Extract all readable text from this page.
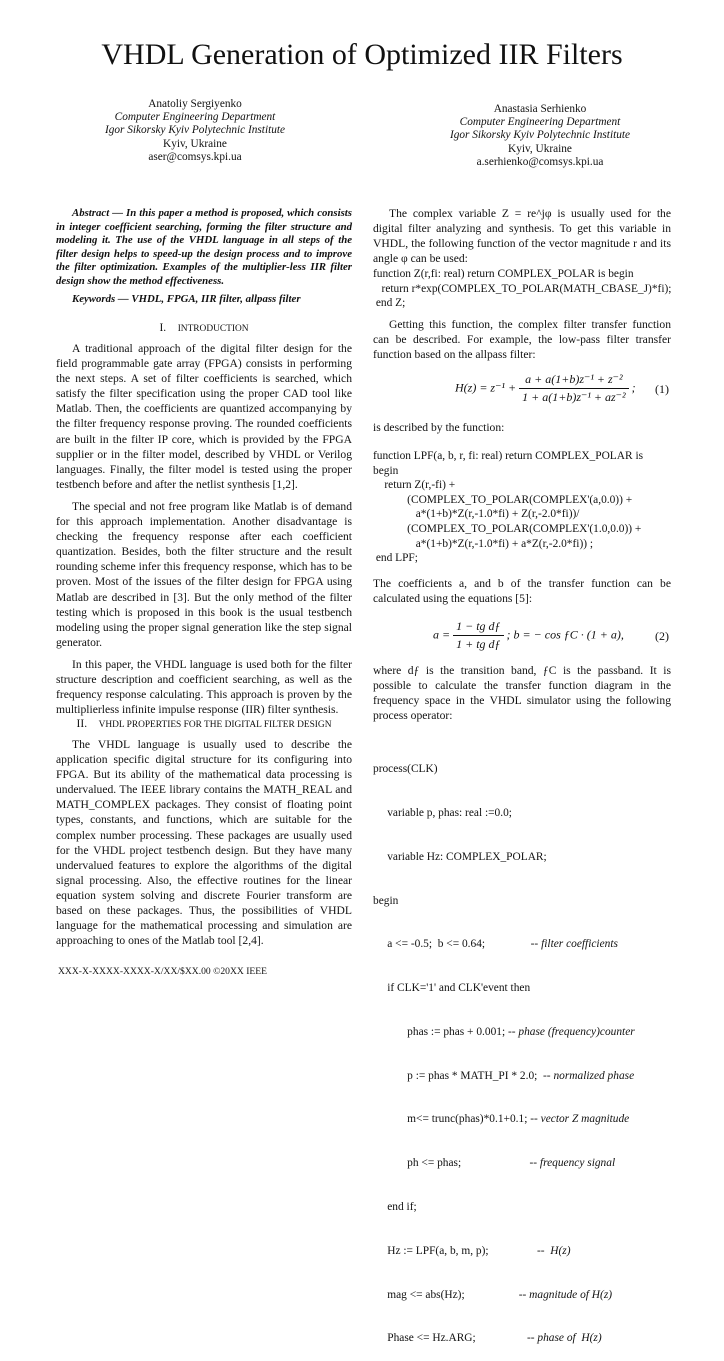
VHDL Generation of Optimized IIR Filters
Anatoliy Sergiyenko
Computer Engineering Department
Igor Sikorsky Kyiv Polytechnic Institute
Kyiv, Ukraine
aser@comsys.kpi.ua
Anastasia Serhienko
Computer Engineering Department
Igor Sikorsky Kyiv Polytechnic Institute
Kyiv, Ukraine
a.serhienko@comsys.kpi.ua
Abstract — In this paper a method is proposed, which consists in integer coefficient searching, forming the filter structure and modeling it. The use of the VHDL language in all steps of the filter design helps to speed-up the design process and to improve the filter optimization. Examples of the multiplier-less IIR filter design show the method effectiveness.
Keywords — VHDL, FPGA, IIR filter, allpass filter
I. INTRODUCTION

A traditional approach of the digital filter design for the field programmable gate array (FPGA) consists in performing the next steps. A set of filter coefficients is searched, which satisfy the filter specification using the proper CAD tool like Matlab. Then, the coefficients are quantized accompanying by the filter frequency response proving. The rounded coefficients are built in the filter IP core, which is provided by the FPGA supplier or in the filter model, described by VHDL or Verilog languages. Finally, the filter model is tested using the proper testbench before and after the netlist synthesis [1,2].

The special and not free program like Matlab is of demand for this approach implementation. Another disadvantage is checking the frequency response after each coefficient quantization. Besides, both the filter structure and the result rounding scheme infer this frequency response, which has to be proven. Most of the issues of the filter design for FPGA using Matlab are described in [3]. But the only method of the filter testing which is proposed in this book is the usual testbench modeling using the proper signal generation like the step signal generator.

In this paper, the VHDL language is used both for the filter structure description and coefficient searching, as well as the frequency response calculating. This approach is proven by the multiplierless infinite impulse response (IIR) filter synthesis.

II. VHDL PROPERTIES FOR THE DIGITAL FILTER DESIGN

The VHDL language is usually used to describe the application specific digital structure for its configuring into FPGA. But its ability of the mathematical data processing is undervalued. The IEEE library contains the MATH_REAL and MATH_COMPLEX packages. They consist of floating point types, constants, and functions, which are suitable for the complex number processing. These packages are usually used for the VHDL project testbench design. But they have many undervalued features to explore the algorithms of the digital signal processing. Also, the effective routines for the linear equation system solving and discrete Fourier transform are based on these packages. Thus, the possibilities of VHDL language for the mathematical processing and simulation are approaching to ones of the Matlab tool [2,4].

The complex variable Z = re^jφ is usually used for the digital filter analyzing and synthesis. To get this variable in VHDL, the following function of the vector magnitude r and its angle φ can be used:

function Z(r,fi: real) return COMPLEX_POLAR is begin
return r*exp(COMPLEX_TO_POLAR(MATH_CBASE_J)*fi);
end Z;

Getting this function, the complex filter transfer function can be described. For example, the low-pass filter transfer function based on the allpass filter:

$H(z) = z^{-1} + \frac{\text{a + a(1+b)z⁻¹ + z⁻²}}{\text{1 + a(1+b)z⁻¹ + az⁻²}}$ ; (1)
is described by the function:
function LPF(a, b, r, fi: real) return COMPLEX_POLAR is
begin
return Z(r,-fi) +
(COMPLEX_TO_POLAR(COMPLEX'(a,0.0)) +
a*(1+b)*Z(r,-1.0*fi) + Z(r,-2.0*fi))/
(COMPLEX_TO_POLAR(COMPLEX'(1.0,0.0)) +
a*(1+b)*Z(r,-1.0*fi) + a*Z(r,-2.0*fi)) ;
end LPF;
The coefficients a, and b of the transfer function can be calculated using the equations [5]:
$a = \frac{\text{1 − tg dƒ}}{\text{1 + tg dƒ}}$ ; b = − cos ƒC · (1 + a),	(2)
where dƒ is the transition band, ƒC is the passband. It is possible to calculate the transfer function diagram in the frequency space in the VHDL simulator using the following process operator:

process(CLK)

variable p, phas: real :=0.0;

variable Hz: COMPLEX_POLAR;

begin

a <= -0.5;  b <= 0.64;                -- filter coefficients

if CLK='1' and CLK'event then

phas := phas + 0.001; -- phase (frequency)counter

p := phas * MATH_PI * 2.0;  -- normalized phase

m<= trunc(phas)*0.1+0.1; -- vector Z magnitude

ph <= phas;                        -- frequency signal

end if;

Hz := LPF(a, b, m, p);                 --  H(z)

mag <= abs(Hz);                   -- magnitude of H(z)

Phase <= Hz.ARG;                  -- phase of  H(z)

XXX-X-XXXX-XXXX-X/XX/$XX.00 ©20XX IEEE
